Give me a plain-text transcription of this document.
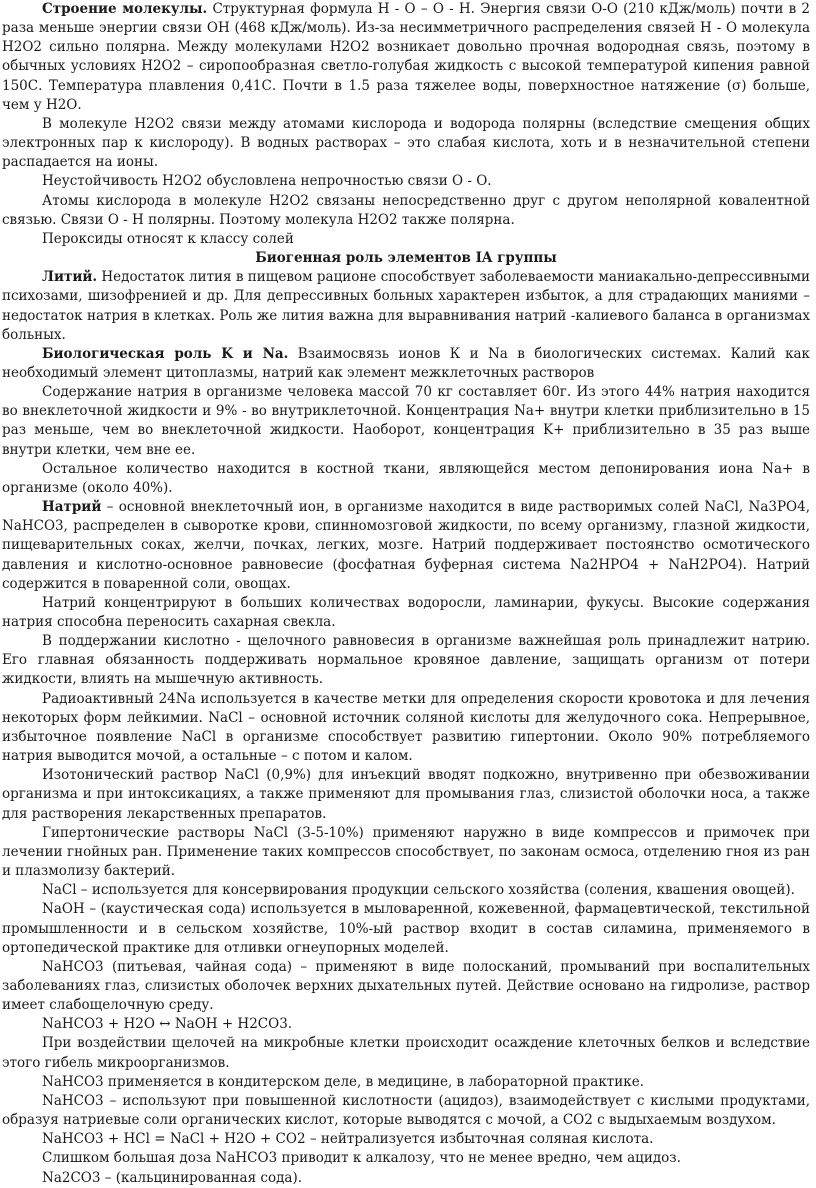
Строение молекулы. Структурная формула Н - О – О - Н. Энергия связи О-О (210 кДж/моль) почти в 2 раза меньше энергии связи ОН (468 кДж/моль). Из-за несимметричного распределения связей Н - О молекула Н2О2 сильно полярна. Между молекулами Н2О2 возникает довольно прочная водородная связь, поэтому в обычных условиях Н2О2 – сиропообразная светло-голубая жидкость с высокой температурой кипения равной 150С. Температура плавления 0,41С. Почти в 1.5 раза тяжелее воды, поверхностное натяжение (σ) больше, чем у Н2О.

В молекуле Н2О2 связи между атомами кислорода и водорода полярны (вследствие смещения общих электронных пар к кислороду). В водных растворах – это слабая кислота, хоть и в незначительной степени распадается на ионы.

Неустойчивость Н2О2 обусловлена непрочностью связи О - О.

Атомы кислорода в молекуле Н2О2 связаны непосредственно друг с другом неполярной ковалентной связью. Связи О - Н полярны. Поэтому молекула Н2О2 также полярна.

Пероксиды относят к классу солей

Биогенная роль элементов IA группы

Литий. Недостаток лития в пищевом рационе способствует заболеваемости маниакально-депрессивными психозами, шизофренией и др. Для депрессивных больных характерен избыток, а для страдающих маниями – недостаток натрия в клетках. Роль же лития важна для выравнивания натрий -калиевого баланса в организмах больных.

Биологическая роль K и Na. Взаимосвязь ионов К и Na в биологических системах. Калий как необходимый элемент цитоплазмы, натрий как элемент межклеточных растворов

Содержание натрия в организме человека массой 70 кг составляет 60г. Из этого 44% натрия находится во внеклеточной жидкости и 9% - во внутриклеточной. Концентрация Na+ внутри клетки приблизительно в 15 раз меньше, чем во внеклеточной жидкости. Наоборот, концентрация K+ приблизительно в 35 раз выше внутри клетки, чем вне ее.

Остальное количество находится в костной ткани, являющейся местом депонирования иона Na+ в организме (около 40%).

Натрий – основной внеклеточный ион, в организме находится в виде растворимых солей NaCl, Na3PO4, NaHCO3, распределен в сыворотке крови, спинномозговой жидкости, по всему организму, глазной жидкости, пищеварительных соках, желчи, почках, легких, мозге. Натрий поддерживает постоянство осмотического давления и кислотно-основное равновесие (фосфатная буферная система Na2HPO4 + NaH2PO4). Натрий содержится в поваренной соли, овощах.

Натрий концентрируют в больших количествах водоросли, ламинарии, фукусы. Высокие содержания натрия способна переносить сахарная свекла.

В поддержании кислотно - щелочного равновесия в организме важнейшая роль принадлежит натрию. Его главная обязанность поддерживать нормальное кровяное давление, защищать организм от потери жидкости, влиять на мышечную активность.

Радиоактивный 24Na используется в качестве метки для определения скорости кровотока и для лечения некоторых форм лейкимии. NaCl – основной источник соляной кислоты для желудочного сока. Непрерывное, избыточное появление NaCl в организме способствует развитию гипертонии. Около 90% потребляемого натрия выводится мочой, а остальные – с потом и калом.

Изотонический раствор NaCl (0,9%) для инъекций вводят подкожно, внутривенно при обезвоживании организма и при интоксикациях, а также применяют для промывания глаз, слизистой оболочки носа, а также для растворения лекарственных препаратов.

Гипертонические растворы NaCl (3-5-10%) применяют наружно в виде компрессов и примочек при лечении гнойных ран. Применение таких компрессов способствует, по законам осмоса, отделению гноя из ран и плазмолизу бактерий.

NaCl – используется для консервирования продукции сельского хозяйства (соления, квашения овощей).

NaOH – (каустическая сода) используется в мыловаренной, кожевенной, фармацевтической, текстильной промышленности и в сельском хозяйстве, 10%-ый раствор входит в состав силамина, применяемого в ортопедической практике для отливки огнеупорных моделей.

NaHCO3 (питьевая, чайная сода) – применяют в виде полосканий, промываний при воспалительных заболеваниях глаз, слизистых оболочек верхних дыхательных путей. Действие основано на гидролизе, раствор имеет слабощелочную среду.

NaHCO3 + H2O ↔ NaOH + H2CO3.

При воздействии щелочей на микробные клетки происходит осаждение клеточных белков и вследствие этого гибель микроорганизмов.

NaHCO3 применяется в кондитерском деле, в медицине, в лабораторной практике.

NaHCO3 – используют при повышенной кислотности (ацидоз), взаимодействует с кислыми продуктами, образуя натриевые соли органических кислот, которые выводятся с мочой, а CO2 с выдыхаемым воздухом.

NaHCO3 + HCl = NaCl + H2O + CO2 – нейтрализуется избыточная соляная кислота.

Слишком большая доза NaHCO3 приводит к алкалозу, что не менее вредно, чем ацидоз.

Na2CO3 – (кальцинированная сода).
